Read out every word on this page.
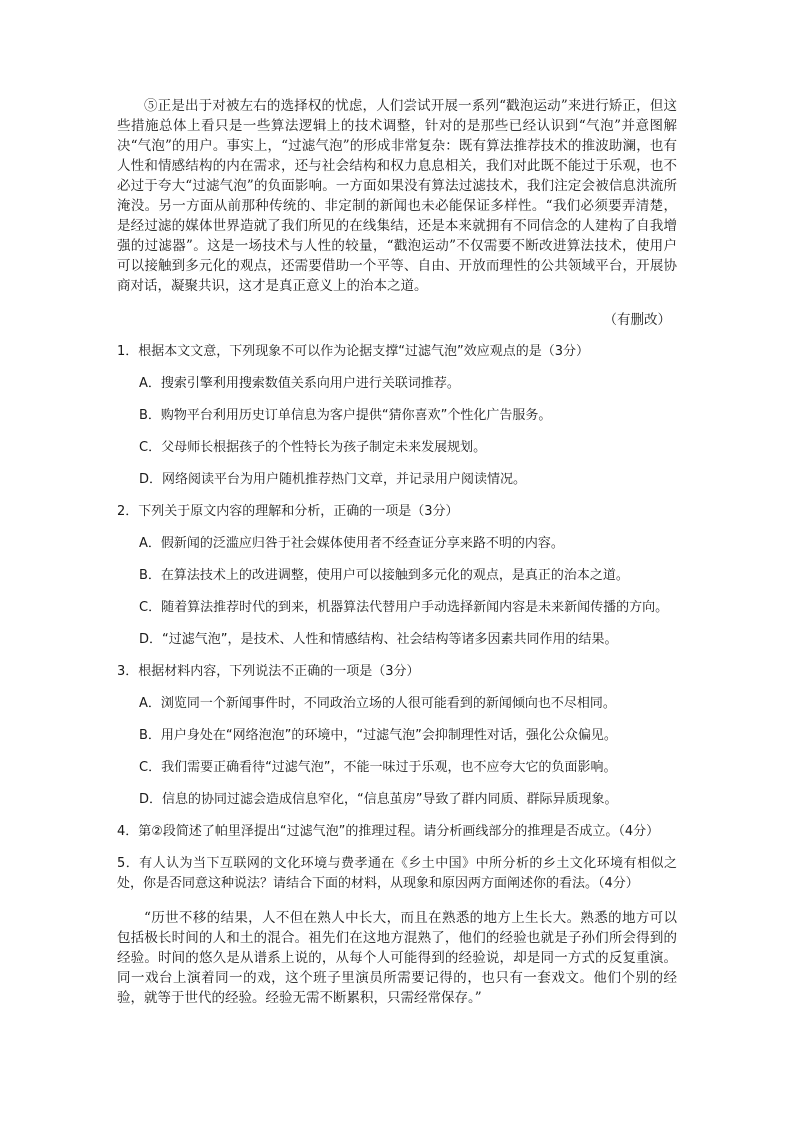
⑤正是出于对被左右的选择权的忧虑，人们尝试开展一系列“戳泡运动”来进行矫正，但这些措施总体上看只是一些算法逻辑上的技术调整，针对的是那些已经认识到“气泡”并意图解决“气泡”的用户。事实上，“过滤气泡”的形成非常复杂：既有算法推荐技术的推波助澜，也有人性和情感结构的内在需求，还与社会结构和权力息息相关，我们对此既不能过于乐观，也不必过于夸大“过滤气泡”的负面影响。一方面如果没有算法过滤技术，我们注定会被信息洪流所淹没。另一方面从前那种传统的、非定制的新闻也未必能保证多样性。“我们必须要弄清楚，是经过滤的媒体世界造就了我们所见的在线集结，还是本来就拥有不同信念的人建构了自我增强的过滤器”。这是一场技术与人性的较量，“戳泡运动”不仅需要不断改进算法技术，使用户可以接触到多元化的观点，还需要借助一个平等、自由、开放而理性的公共领域平台，开展协商对话，凝聚共识，这才是真正意义上的治本之道。

（有删改）

1．根据本文文意，下列现象不可以作为论据支撑“过滤气泡”效应观点的是（3分）

A．搜索引擎利用搜索数值关系向用户进行关联词推荐。
B．购物平台利用历史订单信息为客户提供“猜你喜欢”个性化广告服务。
C．父母师长根据孩子的个性特长为孩子制定未来发展规划。
D．网络阅读平台为用户随机推荐热门文章，并记录用户阅读情况。

2．下列关于原文内容的理解和分析，正确的一项是（3分）

A．假新闻的泛滥应归咎于社会媒体使用者不经查证分享来路不明的内容。
B．在算法技术上的改进调整，使用户可以接触到多元化的观点，是真正的治本之道。
C．随着算法推荐时代的到来，机器算法代替用户手动选择新闻内容是未来新闻传播的方向。
D．“过滤气泡”，是技术、人性和情感结构、社会结构等诸多因素共同作用的结果。

3．根据材料内容，下列说法不正确的一项是（3分）

A．浏览同一个新闻事件时，不同政治立场的人很可能看到的新闻倾向也不尽相同。
B．用户身处在“网络泡泡”的环境中，“过滤气泡”会抑制理性对话，强化公众偏见。
C．我们需要正确看待“过滤气泡”，不能一味过于乐观，也不应夸大它的负面影响。
D．信息的协同过滤会造成信息窄化，“信息茧房”导致了群内同质、群际异质现象。

4．第②段简述了帕里泽提出“过滤气泡”的推理过程。请分析画线部分的推理是否成立。（4分）

5．有人认为当下互联网的文化环境与费孝通在《乡土中国》中所分析的乡土文化环境有相似之处，你是否同意这种说法？请结合下面的材料，从现象和原因两方面阐述你的看法。（4分）

“历世不移的结果，人不但在熟人中长大，而且在熟悉的地方上生长大。熟悉的地方可以包括极长时间的人和土的混合。祖先们在这地方混熟了，他们的经验也就是子孙们所会得到的经验。时间的悠久是从谱系上说的，从每个人可能得到的经验说，却是同一方式的反复重演。同一戏台上演着同一的戏，这个班子里演员所需要记得的，也只有一套戏文。他们个别的经验，就等于世代的经验。经验无需不断累积，只需经常保存。”
